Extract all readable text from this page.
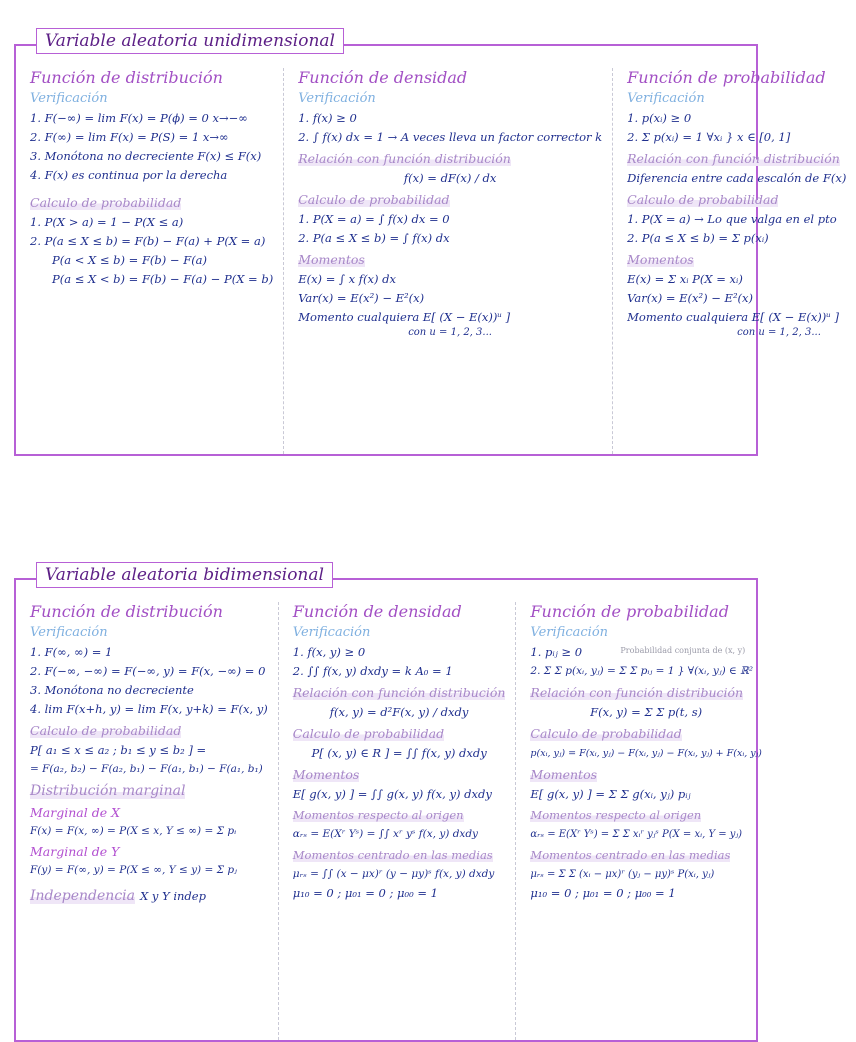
Variable aleatoria unidimensional
Función de distribución
Verificación
1. F(−∞) = lim F(x) = P(ϕ) = 0 x→−∞
2. F(∞) = lim F(x) = P(S) = 1 x→∞
3. Monótona no decreciente F(x) ≤ F(x)
4. F(x) es continua por la derecha
Calculo de probabilidad
1. P(X > a) = 1 − P(X ≤ a)
2. P(a ≤ X ≤ b) = F(b) − F(a) + P(X = a)
P(a < X ≤ b) = F(b) − F(a)
P(a ≤ X < b) = F(b) − F(a) − P(X = b)
Función de densidad
Verificación
1. f(x) ≥ 0
2. ∫ f(x) dx = 1 → A veces lleva un factor corrector k
Relación con función distribución
f(x) = dF(x) / dx
Calculo de probabilidad
1. P(X = a) = ∫ f(x) dx = 0
2. P(a ≤ X ≤ b) = ∫ f(x) dx
Momentos
E(x) = ∫ x f(x) dx
Var(x) = E(x²) − E²(x)
Momento cualquiera E[ (X − E(x))ᵘ ]
con u = 1, 2, 3...
Función de probabilidad
Verificación
1. p(xᵢ) ≥ 0
2. Σ p(xᵢ) = 1 ∀xᵢ } x ∈ [0, 1]
Relación con función distribución
Diferencia entre cada escalón de F(x)
Calculo de probabilidad
1. P(X = a) → Lo que valga en el pto
2. P(a ≤ X ≤ b) = Σ p(xᵢ)
Momentos
E(x) = Σ xᵢ P(X = xᵢ)
Var(x) = E(x²) − E²(x)
Momento cualquiera E[ (X − E(x))ᵘ ]
con u = 1, 2, 3...
Variable aleatoria bidimensional
Función de distribución
Verificación
1. F(∞, ∞) = 1
2. F(−∞, −∞) = F(−∞, y) = F(x, −∞) = 0
3. Monótona no decreciente
4. lim F(x+h, y) = lim F(x, y+k) = F(x, y)
Calculo de probabilidad
P[ a₁ ≤ x ≤ a₂ ; b₁ ≤ y ≤ b₂ ] =
= F(a₂, b₂) − F(a₂, b₁) − F(a₁, b₁) − F(a₁, b₁)
Distribución marginal
Marginal de X
F(x) = F(x, ∞) = P(X ≤ x, Y ≤ ∞) = Σ pᵢ
Marginal de Y
F(y) = F(∞, y) = P(X ≤ ∞, Y ≤ y) = Σ pⱼ
Independencia X y Y indep
Función de densidad
Verificación
1. f(x, y) ≥ 0
2. ∫∫ f(x, y) dxdy = k A₀ = 1
Relación con función distribución
f(x, y) = d²F(x, y) / dxdy
Calculo de probabilidad
P[ (x, y) ∈ R ] = ∫∫ f(x, y) dxdy
Momentos
E[ g(x, y) ] = ∫∫ g(x, y) f(x, y) dxdy
Momentos respecto al origen
αᵣₛ = E(Xʳ Yˢ) = ∫∫ xʳ yˢ f(x, y) dxdy
Momentos centrado en las medias
μᵣₛ = ∫∫ (x − μx)ʳ (y − μy)ˢ f(x, y) dxdy
μ₁₀ = 0 ; μ₀₁ = 0 ; μ₀₀ = 1
Función de probabilidad
Verificación
Probabilidad conjunta de (x, y)
1. pᵢⱼ ≥ 0
2. Σ Σ p(xᵢ, yⱼ) = Σ Σ pᵢⱼ = 1 } ∀(xᵢ, yⱼ) ∈ ℝ²
Relación con función distribución
F(x, y) = Σ Σ p(t, s)
Calculo de probabilidad
p(xᵢ, yⱼ) = F(xᵢ, yⱼ) − F(xᵢ, yⱼ) − F(xᵢ, yⱼ) + F(xᵢ, yⱼ)
Momentos
E[ g(x, y) ] = Σ Σ g(xᵢ, yⱼ) pᵢⱼ
Momentos respecto al origen
αᵣₛ = E(Xʳ Yˢ) = Σ Σ xᵢʳ yⱼˢ P(X = xᵢ, Y = yⱼ)
Momentos centrado en las medias
μᵣₛ = Σ Σ (xᵢ − μx)ʳ (yⱼ − μy)ˢ P(xᵢ, yⱼ)
μ₁₀ = 0 ; μ₀₁ = 0 ; μ₀₀ = 1
